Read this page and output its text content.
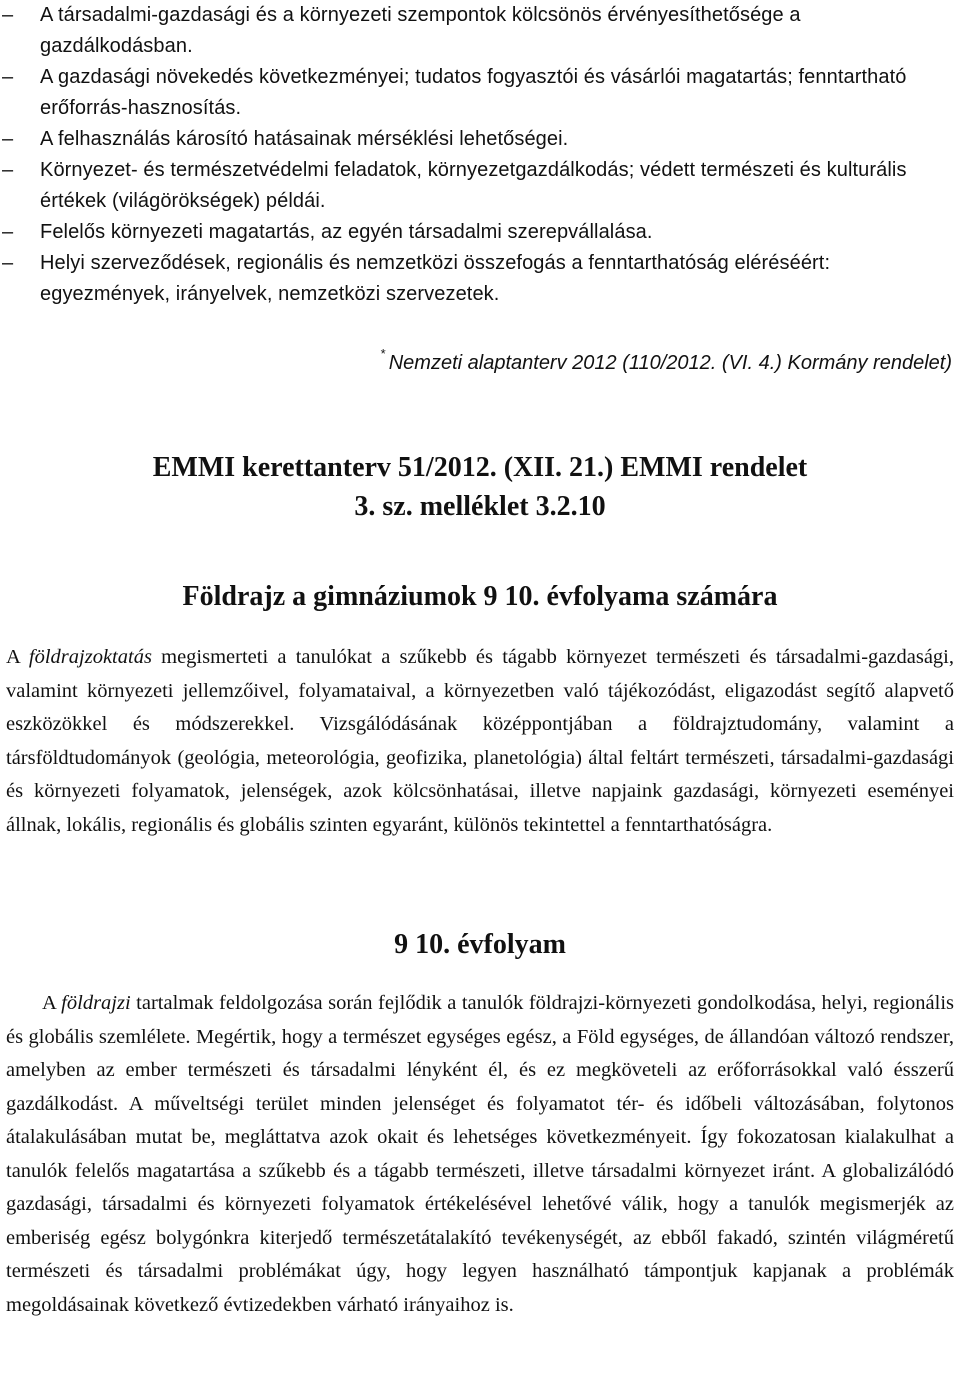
– A társadalmi-gazdasági és a környezeti szempontok kölcsönös érvényesíthetősége a gazdálkodásban.
– A gazdasági növekedés következményei; tudatos fogyasztói és vásárlói magatartás; fenntartható erőforrás-hasznosítás.
– A felhasználás károsító hatásainak mérséklési lehetőségei.
– Környezet- és természetvédelmi feladatok, környezetgazdálkodás; védett természeti és kulturális értékek (világörökségek) példái.
– Felelős környezeti magatartás, az egyén társadalmi szerepvállalása.
– Helyi szerveződések, regionális és nemzetközi összefogás a fenntarthatóság eléréséért: egyezmények, irányelvek, nemzetközi szervezetek.
* Nemzeti alaptanterv 2012 (110/2012. (VI. 4.) Kormány rendelet)
EMMI kerettanterv 51/2012. (XII. 21.) EMMI rendelet
3. sz. melléklet 3.2.10
Földrajz a gimnáziumok 9 10. évfolyama számára

A földrajzoktatás megismerteti a tanulókat a szűkebb és tágabb környezet természeti és társadalmi-gazdasági, valamint környezeti jellemzőivel, folyamataival, a környezetben való tájékozódást, eligazodást segítő alapvető eszközökkel és módszerekkel. Vizsgálódásának középpontjában a földrajztudomány, valamint a társföldtudományok (geológia, meteorológia, geofizika, planetológia) által feltárt természeti, társadalmi-gazdasági és környezeti folyamatok, jelenségek, azok kölcsönhatásai, illetve napjaink gazdasági, környezeti eseményei állnak, lokális, regionális és globális szinten egyaránt, különös tekintettel a fenntarthatóságra.

9 10. évfolyam

A földrajzi tartalmak feldolgozása során fejlődik a tanulók földrajzi-környezeti gondolkodása, helyi, regionális és globális szemlélete. Megértik, hogy a természet egységes egész, a Föld egységes, de állandóan változó rendszer, amelyben az ember természeti és társadalmi lényként él, és ez megköveteli az erőforrásokkal való ésszerű gazdálkodást. A műveltségi terület minden jelenséget és folyamatot tér- és időbeli változásában, folytonos átalakulásában mutat be, megláttatva azok okait és lehetséges következményeit. Így fokozatosan kialakulhat a tanulók felelős magatartása a szűkebb és a tágabb természeti, illetve társadalmi környezet iránt. A globalizálódó gazdasági, társadalmi és környezeti folyamatok értékelésével lehetővé válik, hogy a tanulók megismerjék az emberiség egész bolygónkra kiterjedő természetátalakító tevékenységét, az ebből fakadó, szintén világméretű természeti és társadalmi problémákat úgy, hogy legyen használható támpontjuk kapjanak a problémák megoldásainak következő évtizedekben várható irányaihoz is.
